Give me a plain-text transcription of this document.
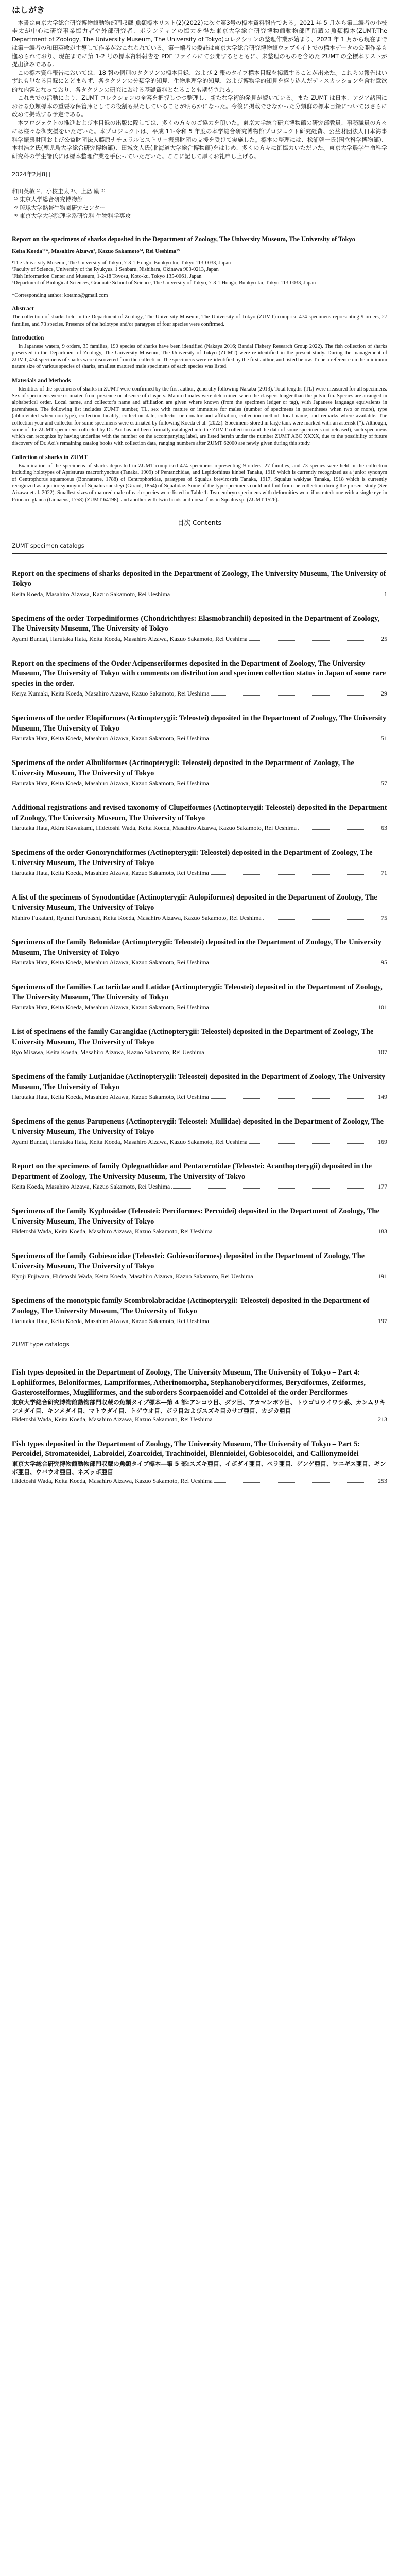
はしがき

本書は東京大学総合研究博物館動物部門収蔵 魚類標本リスト(2)(2022)に次ぐ第3号の標本資料報告である。2021 年 5 月から第二編者の小枝圭太が中心に研究事業協力者や外部研究者、ボランティアの協力を得た東京大学総合研究博物館動物部門所蔵の魚類標本(ZUMT:The Department of Zoology, The University Museum, The University of Tokyo)コレクションの整理作業が始まり、2023 年 1 月から現在までは第一編者の和田英敏が主導して作業がおこなわれている。第一編者の委託は東京大学総合研究博物館ウェブサイトでの標本データの公開作業も進められており、現在までに第 1-2 号の標本資料報告を PDF ファイルにて公開するとともに、未整理のものを含めた ZUMT の全標本リストが提出済みである。

この標本資料報告においては、18 報の個別のタクソンの標本目録、および 2 報のタイプ標本目録を掲載することが出来た。これらの報告はいずれも単なる目録にとどまらず、各タクソンの分類学的知見、生物地理学的知見、および博物学的知見を盛り込んだディスカッションを含む意欲的な内容となっており、各タクソンの研究における基礎資料となることも期待される。

これまでの活動により、ZUMT コレクションの全容を把握しつつ整理し、新たな学術的発見が続いている。また ZUMT は日本、アジア諸国における魚類標本の重要な保管庫としての役割も果たしていることが明らかになった。今後に掲載できなかった分類群の標本目録についてはさらに改めて掲載する予定である。

本プロジェクトの推進および本目録の出版に際しては、多くの方々のご協力を頂いた。東京大学総合研究博物館の研究部教員、事務職員の方々には様々な御支援をいただいた。本プロジェクトは、平成 11-令和 5 年度の本学総合研究博物館プロジェクト研究経費、公益財団法人日本海事科学振興財団および公益財団法人藤原ナチュラルヒストリー振興財団の支援を受けて実施した。標本の整理には、松浦啓一氏(国立科学博物館)、本村浩之氏(鹿児島大学総合研究博物館)、田城文人氏(北海道大学総合博物館)をはじめ、多くの方々に御協力いただいた。東京大学農学生命科学研究科の学生諸氏には標本整理作業を手伝っていただいた。ここに記して厚くお礼申し上げる。

2024年2月8日
和田英敏 ¹⁾、小枝圭太 ²⁾、上島 励 ³⁾
¹⁾ 東京大学総合研究博物館
²⁾ 琉球大学熱帯生物圏研究センター
³⁾ 東京大学大学院理学系研究科 生物科学専攻
Report on the specimens of sharks deposited in the Department of Zoology, The University Museum, The University of Tokyo
Keita Koeda¹²*, Masahiro Aizawa³, Kazuo Sakamoto³⁴, Rei Ueshima¹⁵
¹The University Museum, The University of Tokyo, 7-3-1 Hongo, Bunkyo-ku, Tokyo 113-0033, Japan
²Faculty of Science, University of the Ryukyus, 1 Senbaru, Nishihara, Okinawa 903-0213, Japan
³Fish Information Center and Museum, 1-2-18 Toyosu, Koto-ku, Tokyo 135-0061, Japan
⁴Department of Biological Sciences, Graduate School of Science, The University of Tokyo, 7-3-1 Hongo, Bunkyo-ku, Tokyo 113-0033, Japan
*Corresponding author: kotamo@gmail.com
Abstract

The collection of sharks held in the Department of Zoology, The University Museum, The University of Tokyo (ZUMT) comprise 474 specimens representing 9 orders, 27 families, and 73 species. Presence of the holotype and/or paratypes of four species were confirmed.

Introduction

In Japanese waters, 9 orders, 35 families, 190 species of sharks have been identified (Nakaya 2016; Bandai Fishery Research Group 2022). The fish collection of sharks preserved in the Department of Zoology, The University Museum, The University of Tokyo (ZUMT) were re-identified in the present study. During the management of ZUMT, 474 specimens of sharks were discovered from the collection. The specimens were re-identified by the first author, and listed below. To be a reference on the minimum nature size of various species of sharks, smallest matured male specimens of each species was listed.

Materials and Methods

Identities of the specimens of sharks in ZUMT were confirmed by the first author, generally following Nakaba (2013). Total lengths (TL) were measured for all specimens. Sex of specimens were estimated from presence or absence of claspers. Matured males were determined when the claspers longer than the pelvic fin. Species are arranged in alphabetical order. Local name, and collector's name and affiliation are given where known (from the specimen ledger or tag), with Japanese language equivalents in parentheses. The following list includes ZUMT number, TL, sex with mature or immature for males (number of specimens in parentheses when two or more), type (abbreviated when non-type), collection locality, collection date, collector or donator and affiliation, collection method, local name, and remarks where available. The collection year and collector for some specimens were estimated by following Koeda et al. (2022). Specimens stored in large tank were marked with an asterisk (*). Although, some of the ZUMT specimens collected by Dr. Aoi has not been formally cataloged into the ZUMT collection (and the data of some specimens not released), such specimens which can recognize by having underline with the number on the accompanying label, are listed herein under the number ZUMT ABC XXXX, due to the possibility of future discovery of Dr. Aoi's remaining catalog books with collection data, ranging numbers after ZUMT 62000 are newly given during this study.

Collection of sharks in ZUMT

Examination of the specimens of sharks deposited in ZUMT comprised 474 specimens representing 9 orders, 27 families, and 73 species were held in the collection including holotypes of Apristurus macrorhynchus (Tanaka, 1909) of Pentanchidae, and Lepidorhinus kinbei Tanaka, 1918 which is currently recognized as a junior synonym of Centrophorus squamosus (Bonnaterre, 1788) of Centrophoridae, paratypes of Squalus brevirostris Tanaka, 1917, Squalus wakiyae Tanaka, 1918 which is currently recognized as a junior synonym of Squalus suckleyi (Girard, 1854) of Squalidae. Some of the type specimens could not find from the collection during the present study (See Aizawa et al. 2022). Smallest sizes of matured male of each species were listed in Table 1. Two embryo specimens with deformities were illustrated: one with a single eye in Prionace glauca (Linnaeus, 1758) (ZUMT 64198), and another with twin heads and dorsal fins in Squalus sp. (ZUMT 1526).

目次 Contents
ZUMT specimen catalogs
Report on the specimens of sharks deposited in the Department of Zoology, The University Museum, The University of Tokyo
Keita Koeda, Masahiro Aizawa, Kazuo Sakamoto, Rei Ueshima	1
Specimens of the order Torpediniformes (Chondrichthyes: Elasmobranchii) deposited in the Department of Zoology, The University Museum, The University of Tokyo
Ayami Bandai, Harutaka Hata, Keita Koeda, Masahiro Aizawa, Kazuo Sakamoto, Rei Ueshima	25
Report on the specimens of the Order Acipenseriformes deposited in the Department of Zoology, The University Museum, The University of Tokyo with comments on distribution and specimen collection status in Japan of some rare species in the order.
Keiya Kumaki, Keita Koeda, Masahiro Aizawa, Kazuo Sakamoto, Rei Ueshima	29
Specimens of the order Elopiformes (Actinopterygii: Teleostei) deposited in the Department of Zoology, The University Museum, The University of Tokyo
Harutaka Hata, Keita Koeda, Masahiro Aizawa, Kazuo Sakamoto, Rei Ueshima	51
Specimens of the order Albuliformes (Actinopterygii: Teleostei) deposited in the Department of Zoology, The University Museum, The University of Tokyo
Harutaka Hata, Keita Koeda, Masahiro Aizawa, Kazuo Sakamoto, Rei Ueshima	57
Additional registrations and revised taxonomy of Clupeiformes (Actinopterygii: Teleostei) deposited in the Department of Zoology, The University Museum, The University of Tokyo
Harutaka Hata, Akira Kawakami, Hidetoshi Wada, Keita Koeda, Masahiro Aizawa, Kazuo Sakamoto, Rei Ueshima	63
Specimens of the order Gonorynchiformes (Actinopterygii: Teleostei) deposited in the Department of Zoology, The University Museum, The University of Tokyo
Harutaka Hata, Keita Koeda, Masahiro Aizawa, Kazuo Sakamoto, Rei Ueshima	71
A list of the specimens of Synodontidae (Actinopterygii: Aulopiformes) deposited in the Department of Zoology, The University Museum, The University of Tokyo
Mahiro Fukatani, Ryunei Furubashi, Keita Koeda, Masahiro Aizawa, Kazuo Sakamoto, Rei Ueshima	75
Specimens of the family Belonidae (Actinopterygii: Teleostei) deposited in the Department of Zoology, The University Museum, The University of Tokyo
Harutaka Hata, Keita Koeda, Masahiro Aizawa, Kazuo Sakamoto, Rei Ueshima	95
Specimens of the families Lactariidae and Latidae (Actinopterygii: Teleostei) deposited in the Department of Zoology, The University Museum, The University of Tokyo
Harutaka Hata, Keita Koeda, Masahiro Aizawa, Kazuo Sakamoto, Rei Ueshima	101
List of specimens of the family Carangidae (Actinopterygii: Teleostei) deposited in the Department of Zoology, The University Museum, The University of Tokyo
Ryo Misawa, Keita Koeda, Masahiro Aizawa, Kazuo Sakamoto, Rei Ueshima	107
Specimens of the family Lutjanidae (Actinopterygii: Teleostei) deposited in the Department of Zoology, The University Museum, The University of Tokyo
Harutaka Hata, Keita Koeda, Masahiro Aizawa, Kazuo Sakamoto, Rei Ueshima	149
Specimens of the genus Parupeneus (Actinopterygii: Teleostei: Mullidae) deposited in the Department of Zoology, The University Museum, The University of Tokyo
Ayami Bandai, Harutaka Hata, Keita Koeda, Masahiro Aizawa, Kazuo Sakamoto, Rei Ueshima	169
Report on the specimens of family Oplegnathidae and Pentacerotidae (Teleostei: Acanthopterygii) deposited in the Department of Zoology, The University Museum, The University of Tokyo
Keita Koeda, Masahiro Aizawa, Kazuo Sakamoto, Rei Ueshima	177
Specimens of the family Kyphosidae (Teleostei: Perciformes: Percoidei) deposited in the Department of Zoology, The University Museum, The University of Tokyo
Hidetoshi Wada, Keita Koeda, Masahiro Aizawa, Kazuo Sakamoto, Rei Ueshima	183
Specimens of the family Gobiesocidae (Teleostei: Gobiesociformes) deposited in the Department of Zoology, The University Museum, The University of Tokyo
Kyoji Fujiwara, Hidetoshi Wada, Keita Koeda, Masahiro Aizawa, Kazuo Sakamoto, Rei Ueshima	191
Specimens of the monotypic family Scombrolabracidae (Actinopterygii: Teleostei) deposited in the Department of Zoology, The University Museum, The University of Tokyo
Harutaka Hata, Keita Koeda, Masahiro Aizawa, Kazuo Sakamoto, Rei Ueshima	197
ZUMT type catalogs
Fish types deposited in the Department of Zoology, The University Museum, The University of Tokyo – Part 4: Lophiiformes, Beloniformes, Lampriformes, Atherinomorpha, Stephanoberyciformes, Beryciformes, Zeiformes, Gasterosteiformes, Mugiliformes, and the suborders Scorpaenoidei and Cottoidei of the order Perciformes
東京大学総合研究博物館動物部門収蔵の魚類タイプ標本―第 4 部:アンコウ目、ダツ目、アカマンボウ目、トウゴロウイワシ系、カンムリキンメダイ目、キンメダイ目、マトウダイ目、トゲウオ目、ボラ目およびスズキ目カサゴ亜目、カジカ亜目
Hidetoshi Wada, Keita Koeda, Masahiro Aizawa, Kazuo Sakamoto, Rei Ueshima	213
Fish types deposited in the Department of Zoology, The University Museum, The University of Tokyo – Part 5: Percoidei, Stromateoidei, Labroidei, Zoarcoidei, Trachinoidei, Blennioidei, Gobiesocoidei, and Callionymoidei
東京大学総合研究博物館動物部門収蔵の魚類タイプ標本―第 5 部:スズキ亜目、イボダイ亜目、ベラ亜目、ゲンゲ亜目、ワニギス亜目、ギンポ亜目、ウバウオ亜目、ネズッポ亜目
Hidetoshi Wada, Keita Koeda, Masahiro Aizawa, Kazuo Sakamoto, Rei Ueshima	253
